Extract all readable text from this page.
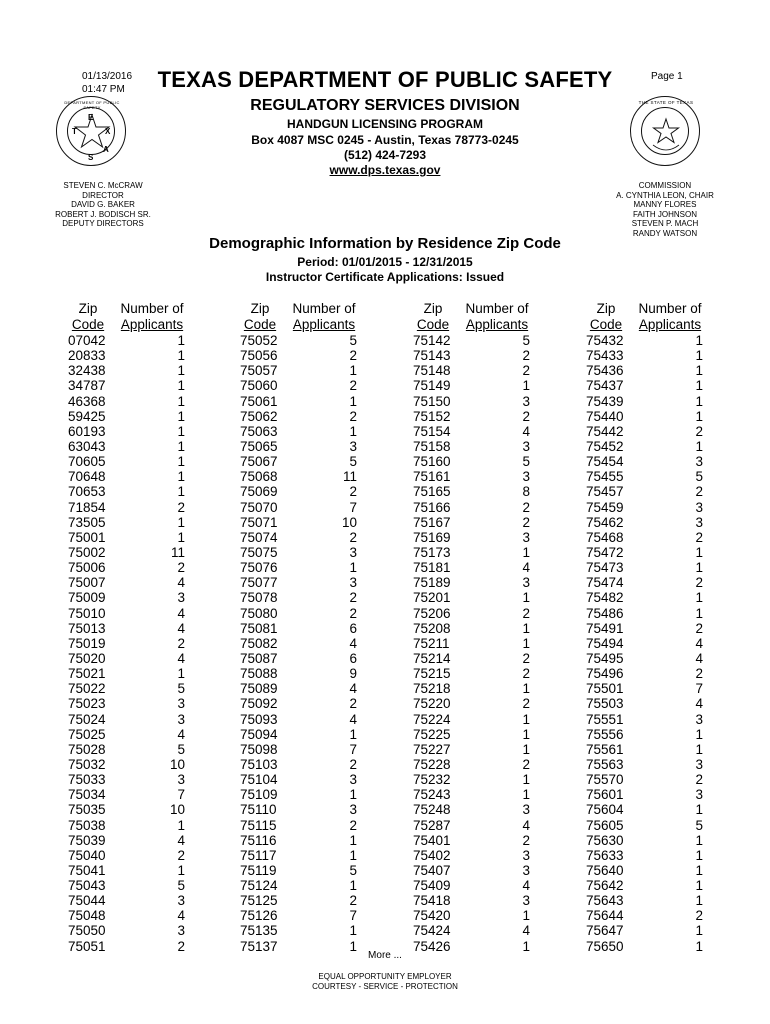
01/13/2016
01:47 PM
Page 1
TEXAS DEPARTMENT OF PUBLIC SAFETY
REGULATORY SERVICES DIVISION
HANDGUN LICENSING PROGRAM
Box 4087 MSC 0245 - Austin, Texas 78773-0245
(512) 424-7293
www.dps.texas.gov
E
T	X
A
S
DEPARTMENT OF PUBLIC SAFETY
THE STATE OF TEXAS
STEVEN C. McCRAW
DIRECTOR
DAVID G. BAKER
ROBERT J. BODISCH SR.
DEPUTY DIRECTORS
COMMISSION
A. CYNTHIA LEON, CHAIR
MANNY FLORES
FAITH JOHNSON
STEVEN P. MACH
RANDY WATSON
Demographic Information by Residence Zip Code
Period: 01/01/2015 - 12/31/2015
Instructor Certificate Applications: Issued
Zip
Code
Number of
Applicants
07042	1
20833	1
32438	1
34787	1
46368	1
59425	1
60193	1
63043	1
70605	1
70648	1
70653	1
71854	2
73505	1
75001	1
75002	11
75006	2
75007	4
75009	3
75010	4
75013	4
75019	2
75020	4
75021	1
75022	5
75023	3
75024	3
75025	4
75028	5
75032	10
75033	3
75034	7
75035	10
75038	1
75039	4
75040	2
75041	1
75043	5
75044	3
75048	4
75050	3
75051	2
Zip
Code
Number of
Applicants
75052	5
75056	2
75057	1
75060	2
75061	1
75062	2
75063	1
75065	3
75067	5
75068	11
75069	2
75070	7
75071	10
75074	2
75075	3
75076	1
75077	3
75078	2
75080	2
75081	6
75082	4
75087	6
75088	9
75089	4
75092	2
75093	4
75094	1
75098	7
75103	2
75104	3
75109	1
75110	3
75115	2
75116	1
75117	1
75119	5
75124	1
75125	2
75126	7
75135	1
75137	1
Zip
Code
Number of
Applicants
75142	5
75143	2
75148	2
75149	1
75150	3
75152	2
75154	4
75158	3
75160	5
75161	3
75165	8
75166	2
75167	2
75169	3
75173	1
75181	4
75189	3
75201	1
75206	2
75208	1
75211	1
75214	2
75215	2
75218	1
75220	2
75224	1
75225	1
75227	1
75228	2
75232	1
75243	1
75248	3
75287	4
75401	2
75402	3
75407	3
75409	4
75418	3
75420	1
75424	4
75426	1
Zip
Code
Number of
Applicants
75432	1
75433	1
75436	1
75437	1
75439	1
75440	1
75442	2
75452	1
75454	3
75455	5
75457	2
75459	3
75462	3
75468	2
75472	1
75473	1
75474	2
75482	1
75486	1
75491	2
75494	4
75495	4
75496	2
75501	7
75503	4
75551	3
75556	1
75561	1
75563	3
75570	2
75601	3
75604	1
75605	5
75630	1
75633	1
75640	1
75642	1
75643	1
75644	2
75647	1
75650	1
More ...
EQUAL OPPORTUNITY EMPLOYER
COURTESY - SERVICE - PROTECTION
